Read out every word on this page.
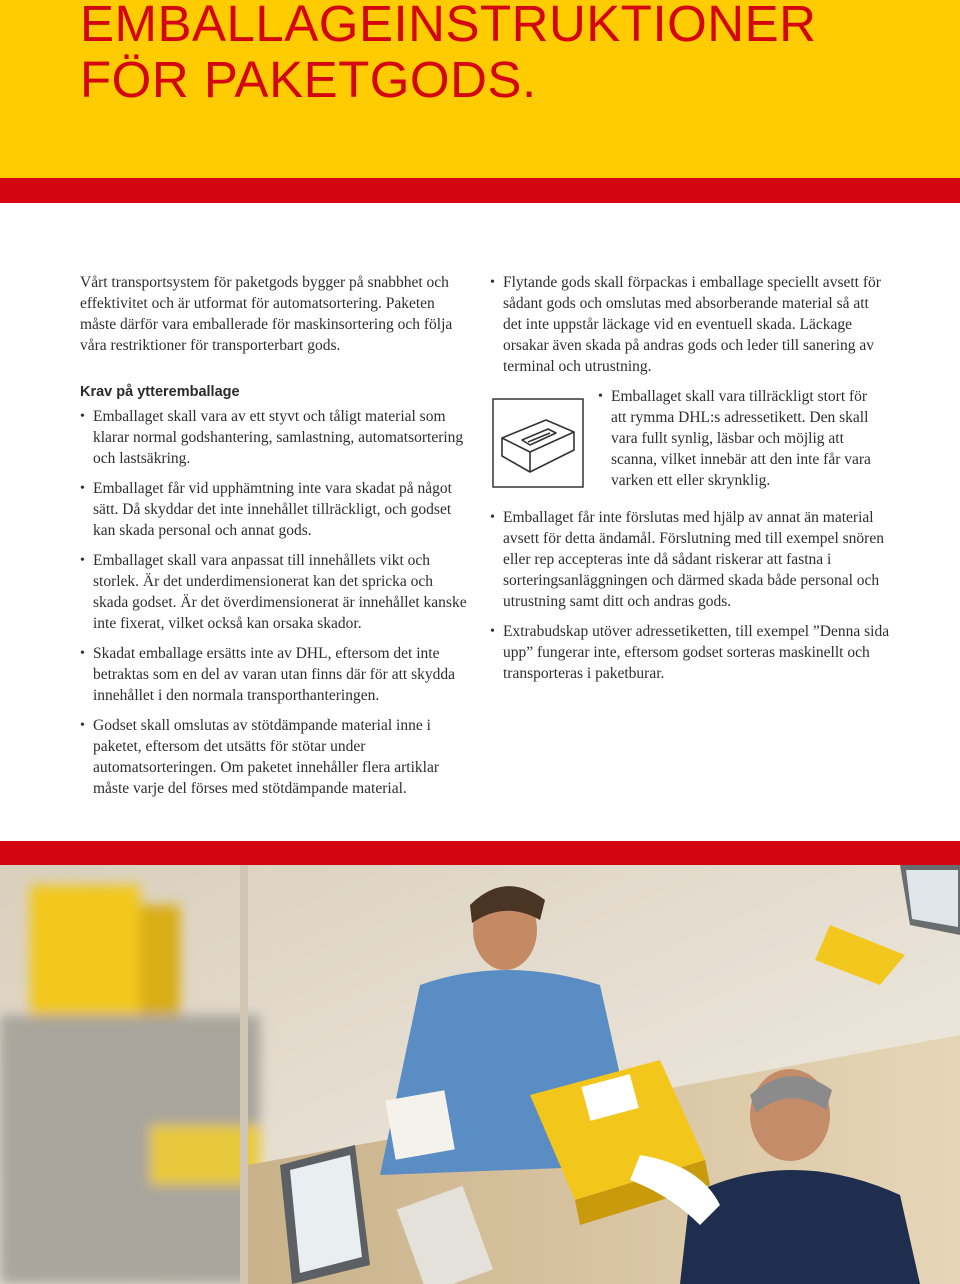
EMBALLAGEINSTRUKTIONER
FÖR PAKETGODS.

Vårt transportsystem för paketgods bygger på snabbhet och effektivitet och är utformat för automatsortering. Paketen måste därför vara emballerade för maskinsortering och följa våra restriktioner för transporterbart gods.

Krav på ytteremballage
• Emballaget skall vara av ett styvt och tåligt material som klarar normal godshantering, samlastning, automatsortering och lastsäkring.
• Emballaget får vid upphämtning inte vara skadat på något sätt. Då skyddar det inte innehållet tillräckligt, och godset kan skada personal och annat gods.
• Emballaget skall vara anpassat till innehållets vikt och storlek. Är det underdimensionerat kan det spricka och skada godset. Är det överdimensionerat är innehållet kanske inte fixerat, vilket också kan orsaka skador.
• Skadat emballage ersätts inte av DHL, eftersom det inte betraktas som en del av varan utan finns där för att skydda innehållet i den normala transporthanteringen.
• Godset skall omslutas av stötdämpande material inne i paketet, eftersom det utsätts för stötar under automatsorteringen. Om paketet innehåller flera artiklar måste varje del förses med stötdämpande material.
• Flytande gods skall förpackas i emballage speciellt avsett för sådant gods och omslutas med absorberande material så att det inte uppstår läckage vid en eventuell skada. Läckage orsakar även skada på andras gods och leder till sanering av terminal och utrustning.
• Emballaget skall vara tillräckligt stort för att rymma DHL:s adressetikett. Den skall vara fullt synlig, läsbar och möjlig att scanna, vilket innebär att den inte får vara varken ett eller skrynklig.
• Emballaget får inte förslutas med hjälp av annat än material avsett för detta ändamål. Förslutning med till exempel snören eller rep accepteras inte då sådant riskerar att fastna i sorteringsanläggningen och därmed skada både personal och utrustning samt ditt och andras gods.
• Extrabudskap utöver adressetiketten, till exempel ”Denna sida upp” fungerar inte, eftersom godset sorteras maskinellt och transporteras i paketburar.
